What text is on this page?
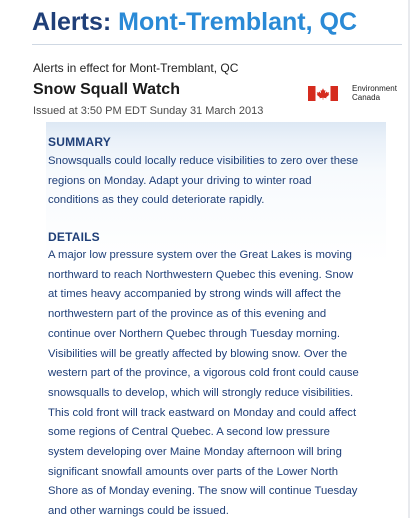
Alerts: Mont-Tremblant, QC
Alerts in effect for Mont-Tremblant, QC
Snow Squall Watch
Issued at 3:50 PM EDT Sunday 31 March 2013
Environment
Canada
SUMMARY
Snowsqualls could locally reduce visibilities to zero over these
regions on Monday. Adapt your driving to winter road
conditions as they could deteriorate rapidly.
DETAILS
A major low pressure system over the Great Lakes is moving
northward to reach Northwestern Quebec this evening. Snow
at times heavy accompanied by strong winds will affect the
northwestern part of the province as of this evening and
continue over Northern Quebec through Tuesday morning.
Visibilities will be greatly affected by blowing snow. Over the
western part of the province, a vigorous cold front could cause
snowsqualls to develop, which will strongly reduce visibilities.
This cold front will track eastward on Monday and could affect
some regions of Central Quebec. A second low pressure
system developing over Maine Monday afternoon will bring
significant snowfall amounts over parts of the Lower North
Shore as of Monday evening. The snow will continue Tuesday
and other warnings could be issued.
